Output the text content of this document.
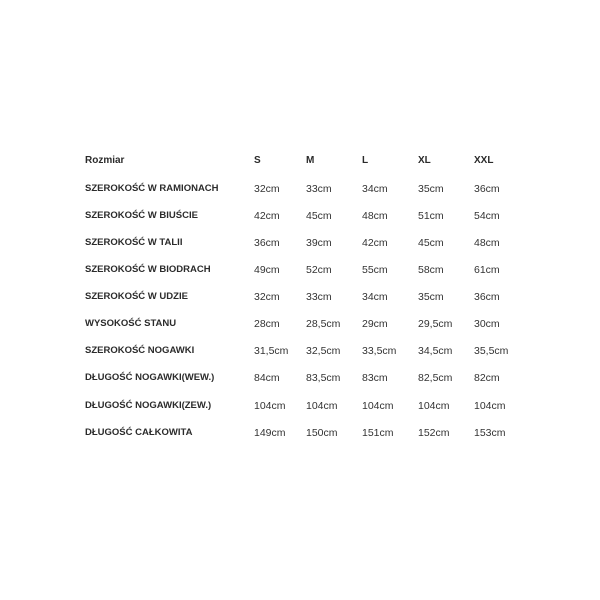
Rozmiar	S	M	L	XL	XXL
SZEROKOŚĆ W RAMIONACH	32cm	33cm	34cm	35cm	36cm
SZEROKOŚĆ W BIUŚCIE	42cm	45cm	48cm	51cm	54cm
SZEROKOŚĆ W TALII	36cm	39cm	42cm	45cm	48cm
SZEROKOŚĆ W BIODRACH	49cm	52cm	55cm	58cm	61cm
SZEROKOŚĆ W UDZIE	32cm	33cm	34cm	35cm	36cm
WYSOKOŚĆ STANU	28cm	28,5cm 29cm	29,5cm 30cm
SZEROKOŚĆ NOGAWKI	31,5cm 32,5cm 33,5cm 34,5cm 35,5cm
DŁUGOŚĆ NOGAWKI(WEW.)	84cm	83,5cm 83cm	82,5cm 82cm
DŁUGOŚĆ NOGAWKI(ZEW.)	104cm 104cm 104cm 104cm 104cm
DŁUGOŚĆ CAŁKOWITA	149cm 150cm 151cm 152cm 153cm
